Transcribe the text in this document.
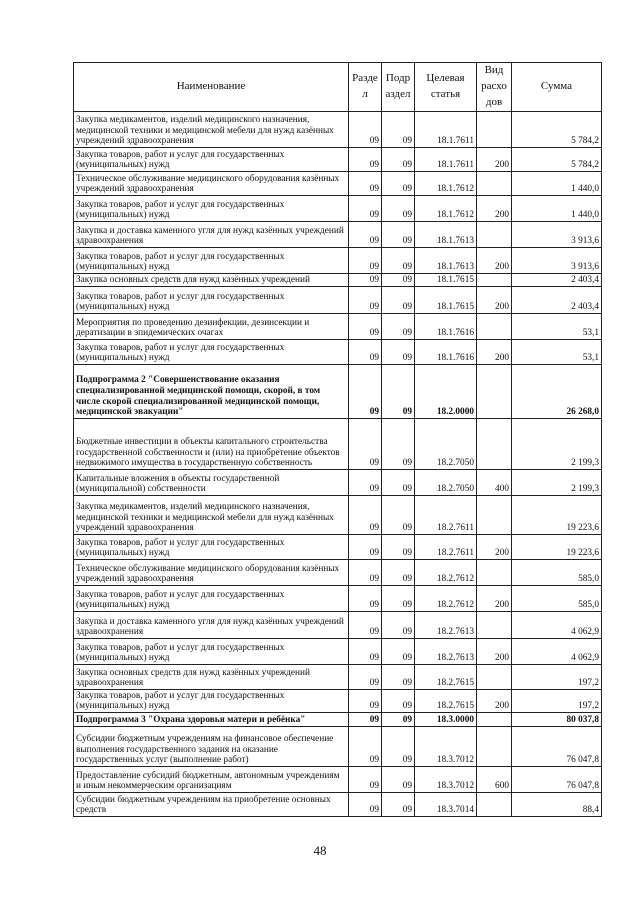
Наименование	Разде л	Подр аздел	Целевая статья	Вид расхо дов	Сумма
Закупка медикаментов, изделий медицинского назначения, медицинской техники и медицинской мебели для нужд казённых учреждений здравоохранения	09	09	18.1.7611		5 784,2
Закупка товаров, работ и услуг для государственных (муниципальных) нужд	09	09	18.1.7611	200	5 784,2
Техническое обслуживание медицинского оборудования казённых учреждений здравоохранения	09	09	18.1.7612		1 440,0
Закупка товаров, работ и услуг для государственных (муниципальных) нужд	09	09	18.1.7612	200	1 440,0
Закупка и доставка каменного угля для нужд казённых учреждений здравоохранения	09	09	18.1.7613		3 913,6
Закупка товаров, работ и услуг для государственных (муниципальных) нужд	09	09	18.1.7613	200	3 913,6
Закупка основных средств для нужд казённых учреждений	09	09	18.1.7615		2 403,4
Закупка товаров, работ и услуг для государственных (муниципальных) нужд	09	09	18.1.7615	200	2 403,4
Мероприятия по проведению дезинфекции, дезинсекции и дератизации в эпидемических очагах	09	09	18.1.7616		53,1
Закупка товаров, работ и услуг для государственных (муниципальных) нужд	09	09	18.1.7616	200	53,1
Подпрограмма 2 "Совершенствование оказания специализированной медицинской помощи, скорой, в том числе скорой специализированной медицинской помощи, медицинской эвакуации"	09	09	18.2.0000		26 268,0
Бюджетные инвестиции в объекты капитального строительства государственной собственности и (или) на приобретение объектов недвижимого имущества в государственную собственность	09	09	18.2.7050		2 199,3
Капитальные вложения в объекты государственной (муниципальной) собственности	09	09	18.2.7050	400	2 199,3
Закупка медикаментов, изделий медицинского назначения, медицинской техники и медицинской мебели для нужд казённых учреждений здравоохранения	09	09	18.2.7611		19 223,6
Закупка товаров, работ и услуг для государственных (муниципальных) нужд	09	09	18.2.7611	200	19 223,6
Техническое обслуживание медицинского оборудования казённых учреждений здравоохранения	09	09	18.2.7612		585,0
Закупка товаров, работ и услуг для государственных (муниципальных) нужд	09	09	18.2.7612	200	585,0
Закупка и доставка каменного угля для нужд казённых учреждений здравоохранения	09	09	18.2.7613		4 062,9
Закупка товаров, работ и услуг для государственных (муниципальных) нужд	09	09	18.2.7613	200	4 062,9
Закупка основных средств для нужд казённых учреждений здравоохранения	09	09	18.2.7615		197,2
Закупка товаров, работ и услуг для государственных (муниципальных) нужд	09	09	18.2.7615	200	197,2
Подпрограмма 3 "Охрана здоровья матери и ребёнка"	09	09	18.3.0000		80 037,8
Субсидии бюджетным учреждениям на финансовое обеспечение выполнения государственного задания на оказание государственных услуг (выполнение работ)	09	09	18.3.7012		76 047,8
Предоставление субсидий бюджетным, автономным учреждениям и иным некоммерческим организациям	09	09	18.3.7012	600	76 047,8
Субсидии бюджетным учреждениям на приобретение основных средств	09	09	18.3.7014		88,4
48
